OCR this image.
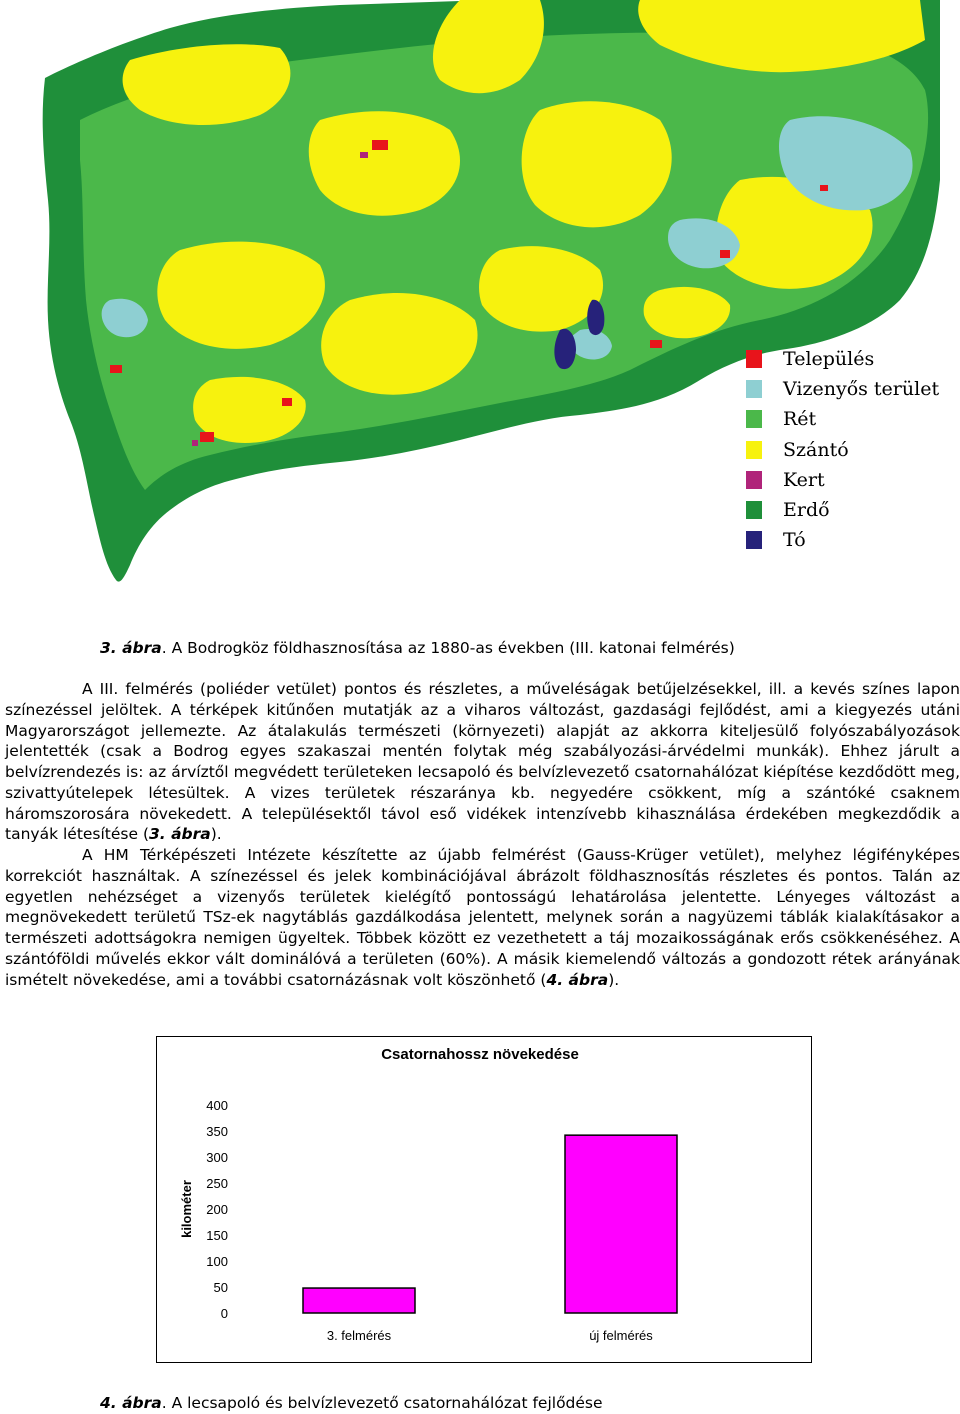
Település
Vizenyős terület
Rét
Szántó
Kert
Erdő
Tó
3. ábra. A Bodrogköz földhasznosítása az 1880-as években (III. katonai felmérés)

A III. felmérés (poliéder vetület) pontos és részletes, a műveléságak betűjelzésekkel, ill. a kevés színes lapon színezéssel jelöltek. A térképek kitűnően mutatják az a viharos változást, gazdasági fejlődést, ami a kiegyezés utáni Magyarországot jellemezte. Az átalakulás természeti (környezeti) alapját az akkorra kiteljesülő folyószabályozások jelentették (csak a Bodrog egyes szakaszai mentén folytak még szabályozási-árvédelmi munkák). Ehhez járult a belvízrendezés is: az árvíztől megvédett területeken lecsapoló és belvízlevezető csatornahálózat kiépítése kezdődött meg, szivattyútelepek létesültek. A vizes területek részaránya kb. negyedére csökkent, míg a szántóké csaknem háromszorosára növekedett. A településektől távol eső vidékek intenzívebb kihasználása érdekében megkezdődik a tanyák létesítése (3. ábra).

A HM Térképészeti Intézete készítette az újabb felmérést (Gauss-Krüger vetület), melyhez légifényképes korrekciót használtak. A színezéssel és jelek kombinációjával ábrázolt földhasznosítás részletes és pontos. Talán az egyetlen nehézséget a vizenyős területek kielégítő pontosságú lehatárolása jelentette. Lényeges változást a megnövekedett területű TSz-ek nagytáblás gazdálkodása jelentett, melynek során a nagyüzemi táblák kialakításakor a természeti adottságokra nemigen ügyeltek. Többek között ez vezethetett a táj mozaikosságának erős csökkenéséhez. A szántóföldi művelés ekkor vált dominálóvá a területen (60%). A másik kiemelendő változás a gondozott rétek arányának ismételt növekedése, ami a további csatornázásnak volt köszönhető (4. ábra).

Csatornahossz növekedése
0
50
100
150
200
250
300
350
400
kilométer
3. felmérés	új felmérés
4. ábra. A lecsapoló és belvízlevezető csatornahálózat fejlődése
